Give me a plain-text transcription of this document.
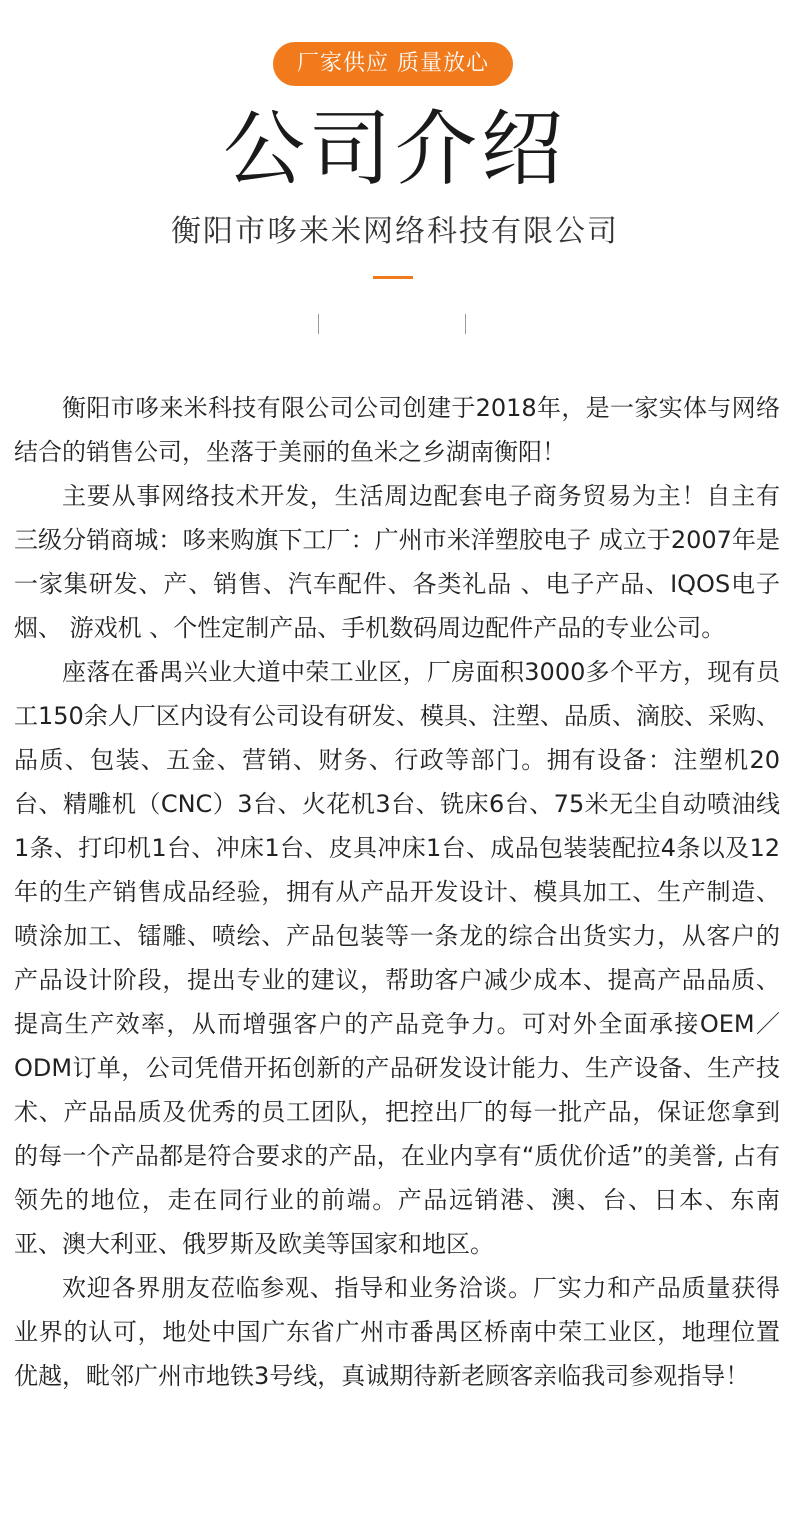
厂家供应 质量放心
公司介绍
衡阳市哆来米网络科技有限公司

衡阳市哆来米科技有限公司公司创建于2018年，是一家实体与网络结合的销售公司，坐落于美丽的鱼米之乡湖南衡阳！

主要从事网络技术开发，生活周边配套电子商务贸易为主！自主有三级分销商城：哆来购旗下工厂：广州市米洋塑胶电子 成立于2007年是一家集研发、产、销售、汽车配件、各类礼品 、电子产品、IQOS电子烟、 游戏机 、个性定制产品、手机数码周边配件产品的专业公司。

座落在番禺兴业大道中荣工业区，厂房面积3000多个平方，现有员工150余人厂区内设有公司设有研发、模具、注塑、品质、滴胶、采购、品质、包装、五金、营销、财务、行政等部门。拥有设备：注塑机20台、精雕机（CNC）3台、火花机3台、铣床6台、75米无尘自动喷油线1条、打印机1台、冲床1台、皮具冲床1台、成品包装装配拉4条以及12年的生产销售成品经验，拥有从产品开发设计、模具加工、生产制造、喷涂加工、镭雕、喷绘、产品包装等一条龙的综合出货实力，从客户的产品设计阶段，提出专业的建议，帮助客户减少成本、提高产品品质、提高生产效率，从而增强客户的产品竞争力。可对外全面承接OEM／ODM订单，公司凭借开拓创新的产品研发设计能力、生产设备、生产技术、产品品质及优秀的员工团队，把控出厂的每一批产品，保证您拿到的每一个产品都是符合要求的产品，在业内享有“质优价适”的美誉, 占有领先的地位，走在同行业的前端。产品远销港、澳、台、日本、东南亚、澳大利亚、俄罗斯及欧美等国家和地区。

欢迎各界朋友莅临参观、指导和业务洽谈。厂实力和产品质量获得业界的认可，地处中国广东省广州市番禺区桥南中荣工业区，地理位置优越，毗邻广州市地铁3号线，真诚期待新老顾客亲临我司参观指导！
